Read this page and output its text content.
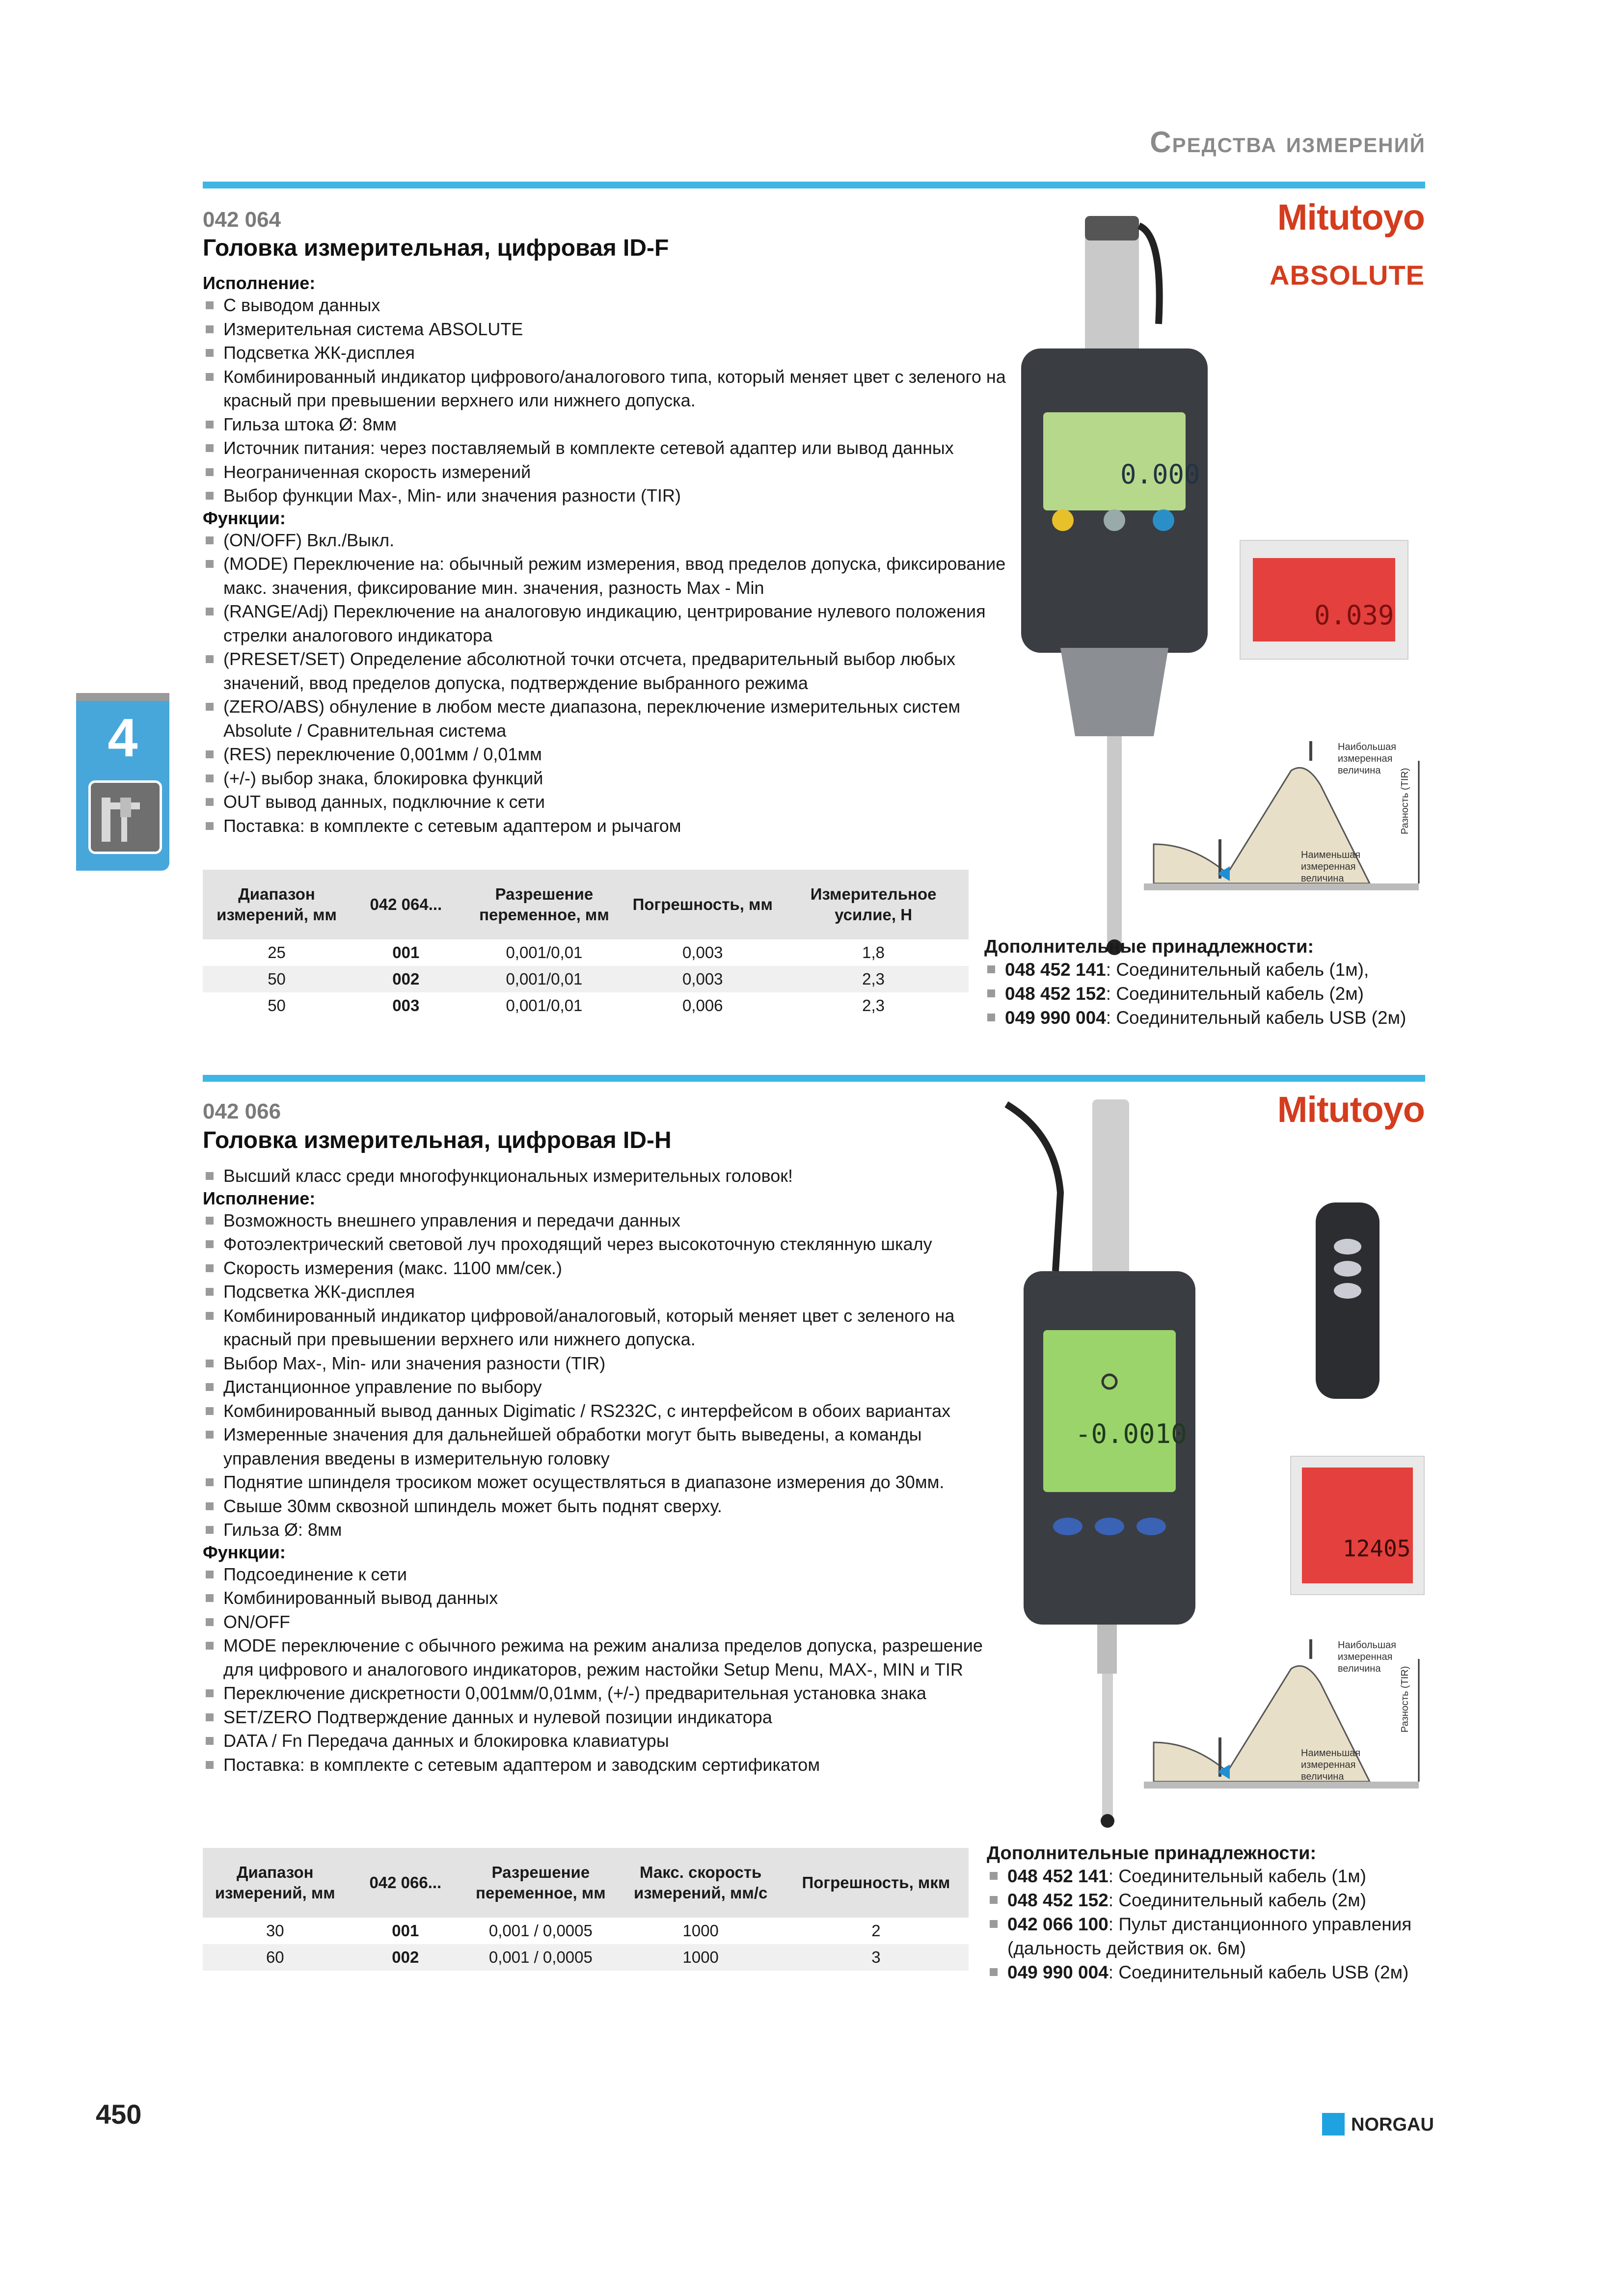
Средства измерений
4
042 064
Головка измерительная, цифровая ID-F
Mitutoyo
ABSOLUTE
Исполнение:
С выводом данных
Измерительная система ABSOLUTE
Подсветка ЖК-дисплея
Комбинированный индикатор цифрового/аналогового типа, который меняет цвет с зеленого на красный при превышении верхнего или нижнего допуска.
Гильза штока Ø: 8мм
Источник питания: через поставляемый в комплекте сетевой адаптер или вывод данных
Неограниченная скорость измерений
Выбор функции Max-, Min- или значения разности (TIR)
Функции:
(ON/OFF) Вкл./Выкл.
(MODE) Переключение на: обычный режим измерения, ввод пределов допуска, фиксирование макс. значения, фиксирование мин. значения, разность Max - Min
(RANGE/Adj) Переключение на аналоговую индикацию, центрирование нулевого положения стрелки аналогового индикатора
(PRESET/SET) Определение абсолютной точки отсчета, предварительный выбор любых значений, ввод пределов допуска, подтверждение выбранного режима
(ZERO/ABS) обнуление в любом месте диапазона, переключение измерительных систем Absolute / Сравнительная система
(RES) переключение 0,001мм / 0,01мм
(+/-) выбор знака, блокировка функций
OUT вывод данных, подключние к сети
Поставка: в комплекте с сетевым адаптером и рычагом
Диапазон измерений, мм	042 064...	Разрешение переменное, мм	Погрешность, мм	Измерительное усилие, Н
25	001	0,001/0,01	0,003	1,8
50	002	0,001/0,01	0,003	2,3
50	003	0,001/0,01	0,006	2,3
0.000
0.039
Наибольшая измеренная величина
Наименьшая измеренная величина
Разность (TIR)
Дополнительные принадлежности:
048 452 141: Соединительный кабель (1м),
048 452 152: Соединительный кабель (2м)
049 990 004: Соединительный кабель USB (2м)
042 066
Головка измерительная, цифровая ID-H
Mitutoyo
Высший класс среди многофункциональных измерительных головок!
Исполнение:
Возможность внешнего управления и передачи данных
Фотоэлектрический световой луч проходящий через высокоточную стеклянную шкалу
Скорость измерения (макс. 1100 мм/сек.)
Подсветка ЖК-дисплея
Комбинированный индикатор цифровой/аналоговый, который меняет цвет с зеленого на красный при превышении верхнего или нижнего допуска.
Выбор Max-, Min- или значения разности (TIR)
Дистанционное управление по выбору
Комбинированный вывод данных Digimatic / RS232C, с интерфейсом в обоих вариантах
Измеренные значения для дальнейшей обработки могут быть выведены, а команды управления введены в измерительную головку
Поднятие шпинделя тросиком может осуществляться в диапазоне измерения до 30мм.
Свыше 30мм сквозной шпиндель может быть поднят сверху.
Гильза Ø: 8мм
Функции:
Подсоединение к сети
Комбинированный вывод данных
ON/OFF
MODE переключение с обычного режима на режим анализа пределов допуска, разрешение для цифрового и аналогового индикаторов, режим настойки Setup Menu, MAX-, MIN и TIR
Переключение дискретности 0,001мм/0,01мм, (+/-) предварительная установка знака
SET/ZERO Подтверждение данных и нулевой позиции индикатора
DATA / Fn Передача данных и блокировка клавиатуры
Поставка: в комплекте с сетевым адаптером и заводским сертификатом
Диапазон измерений, мм	042 066...	Разрешение переменное, мм	Макс. скорость измерений, мм/с	Погрешность, мкм
30	001	0,001 / 0,0005	1000	2
60	002	0,001 / 0,0005	1000	3
-0.0010
12405
Наибольшая измеренная величина
Наименьшая измеренная величина
Разность (TIR)
Дополнительные принадлежности:
048 452 141: Соединительный кабель (1м)
048 452 152: Соединительный кабель (2м)
042 066 100: Пульт дистанционного управления (дальность действия ок. 6м)
049 990 004: Соединительный кабель USB (2м)
450	NORGAU
